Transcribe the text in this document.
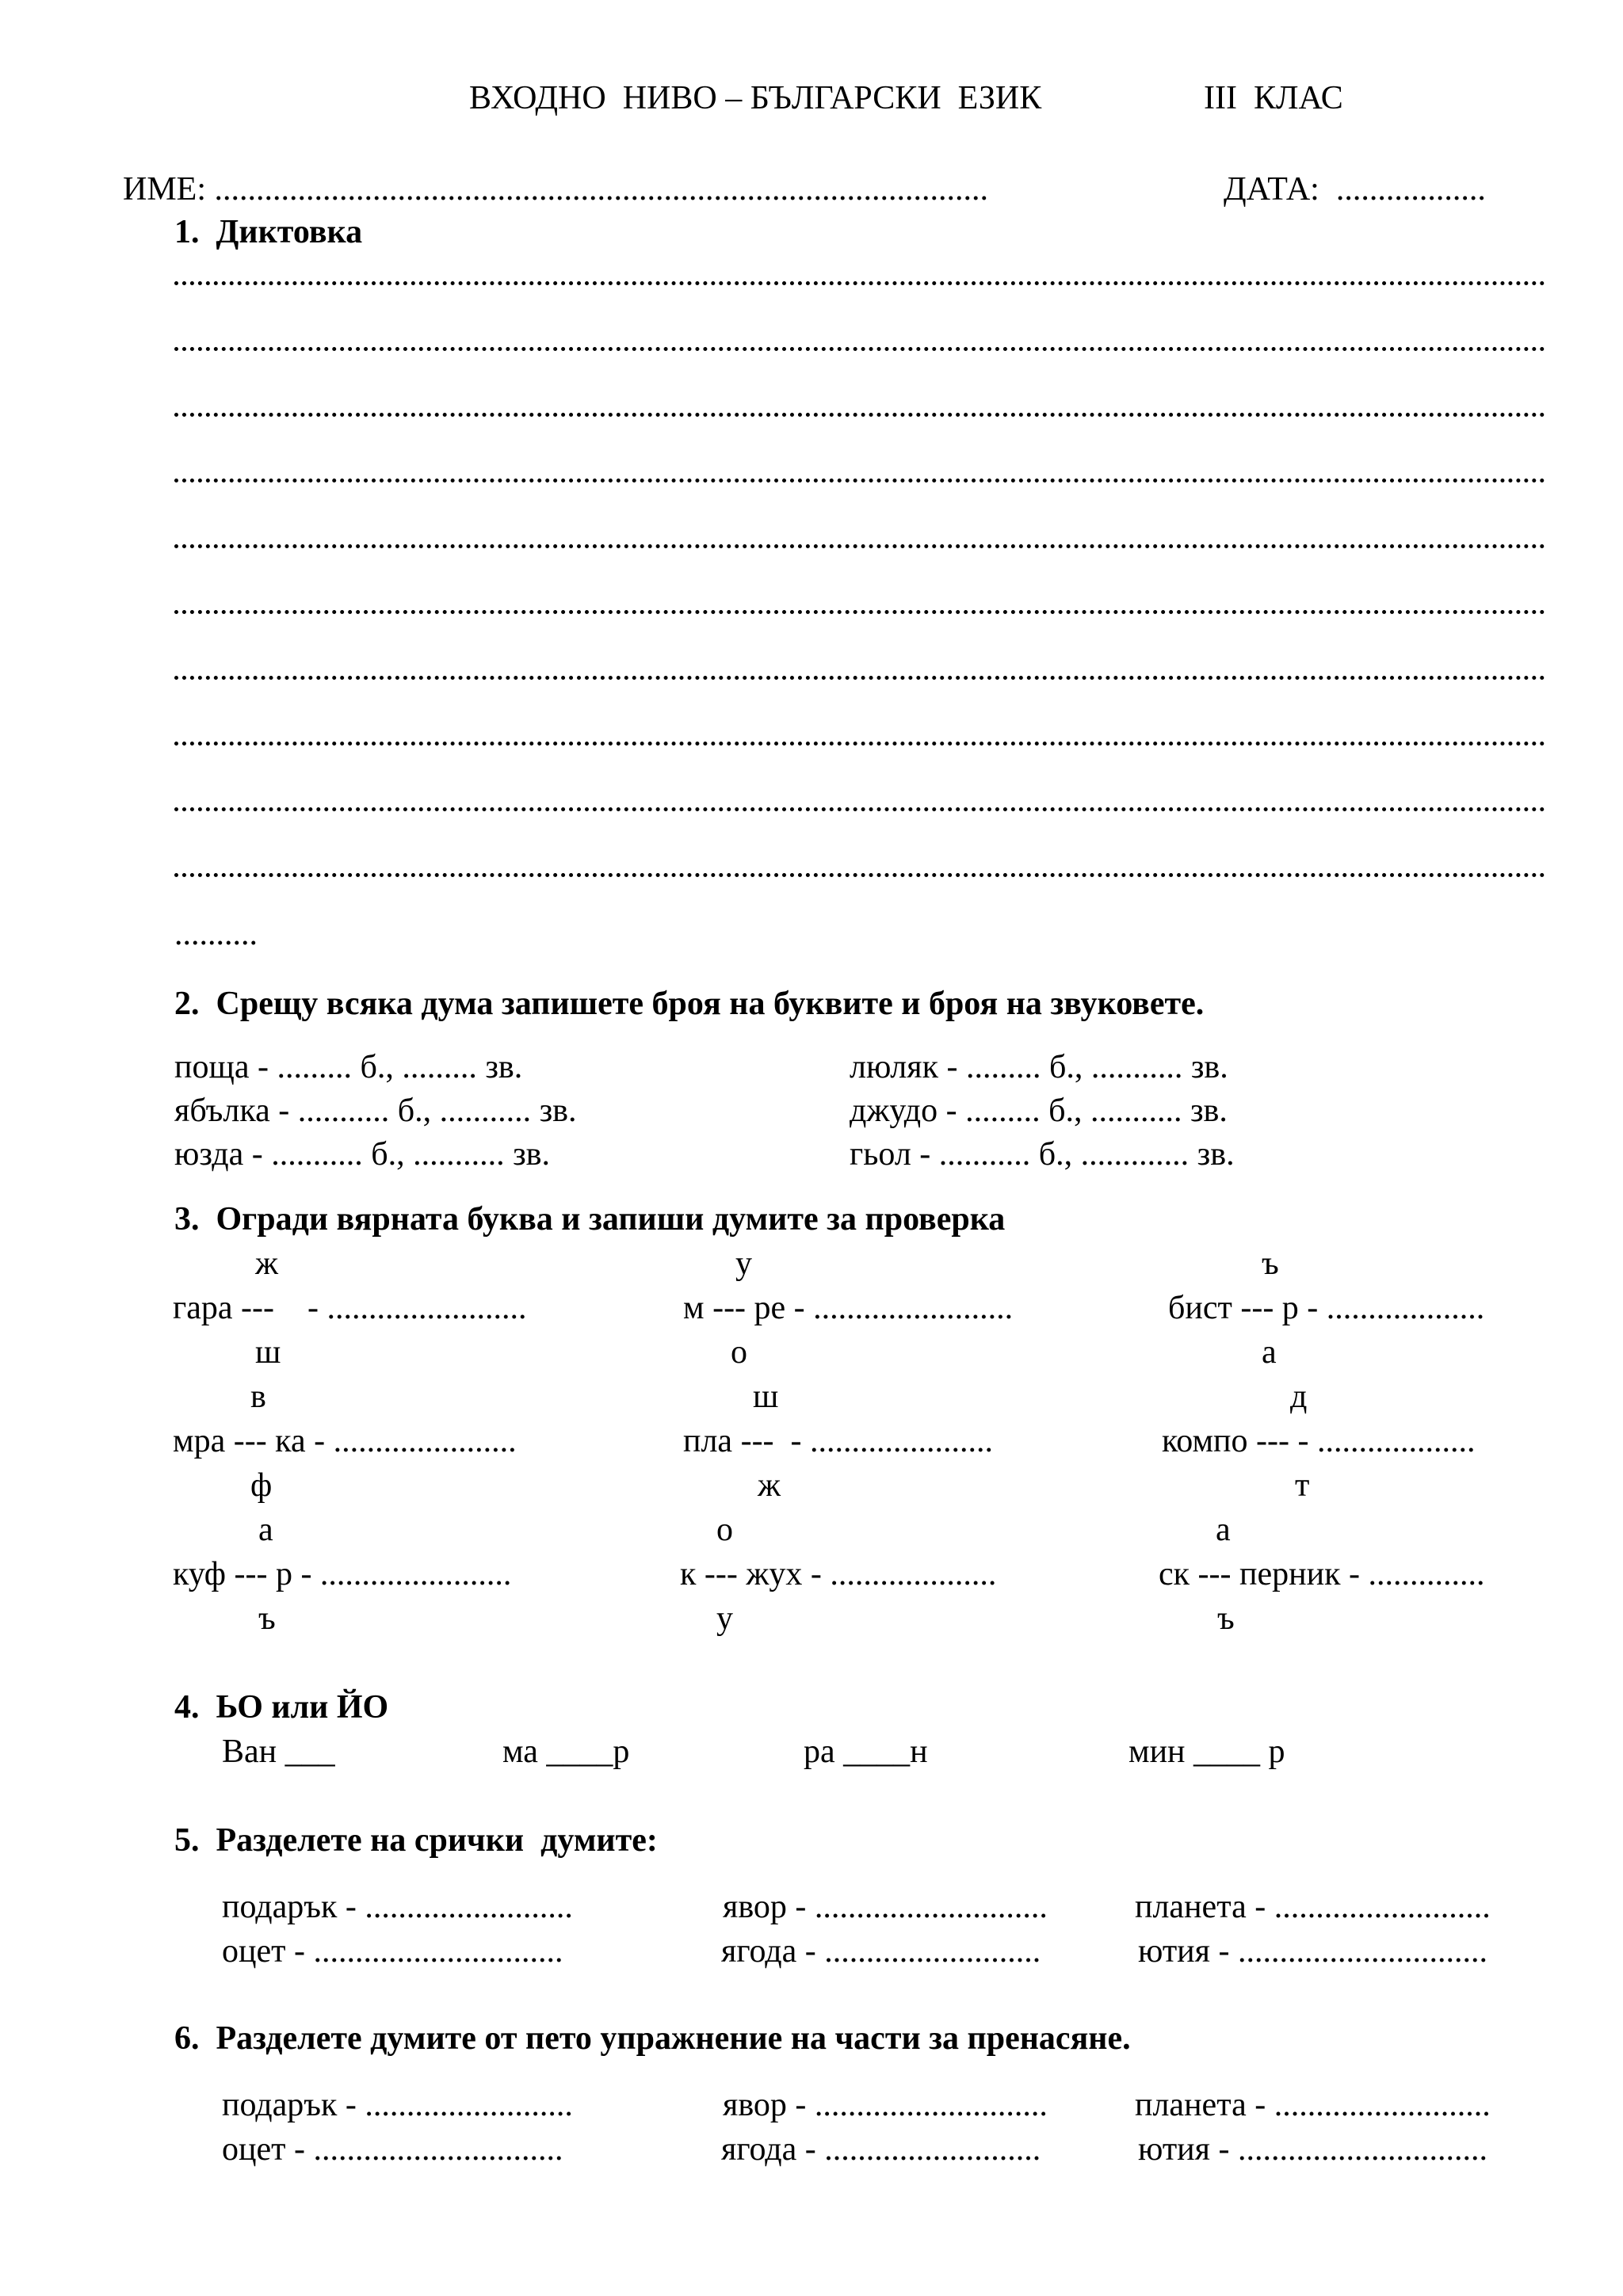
ВХОДНО  НИВО – БЪЛГАРСКИ  ЕЗИК	III  КЛАС
ИМЕ: .............................................................................................	ДАТА:  ..................
1.  Диктовка
..........
2.  Срещу всяка дума запишете броя на буквите и броя на звуковете.
поща - ......... б., ......... зв.	люляк - ......... б., ........... зв.
ябълка - ........... б., ........... зв.	джудо - ......... б., ........... зв.
юзда - ........... б., ........... зв.	гьол - ........... б., ............. зв.
3.  Огради вярната буква и запиши думите за проверка
ж	у	ъ
гара ---    - ........................	м --- ре - ........................	бист --- р - ...................
ш	о	а
в	ш	д
мра --- ка - ......................	пла ---  - ......................	компо --- - ...................
ф	ж	т
а	о	а
куф --- р - .......................	к --- жух - ....................	ск --- перник - ..............
ъ	у	ъ
4.  ЬО или ЙО
Ван ___	ма ____р	ра ____н	мин ____ р
5.  Разделете на срички  думите:
подарък - .........................	явор - ............................	планета - ..........................
оцет - ..............................	ягода - ..........................	ютия - ..............................
6.  Разделете думите от пето упражнение на части за пренасяне.
подарък - .........................	явор - ............................	планета - ..........................
оцет - ..............................	ягода - ..........................	ютия - ..............................
